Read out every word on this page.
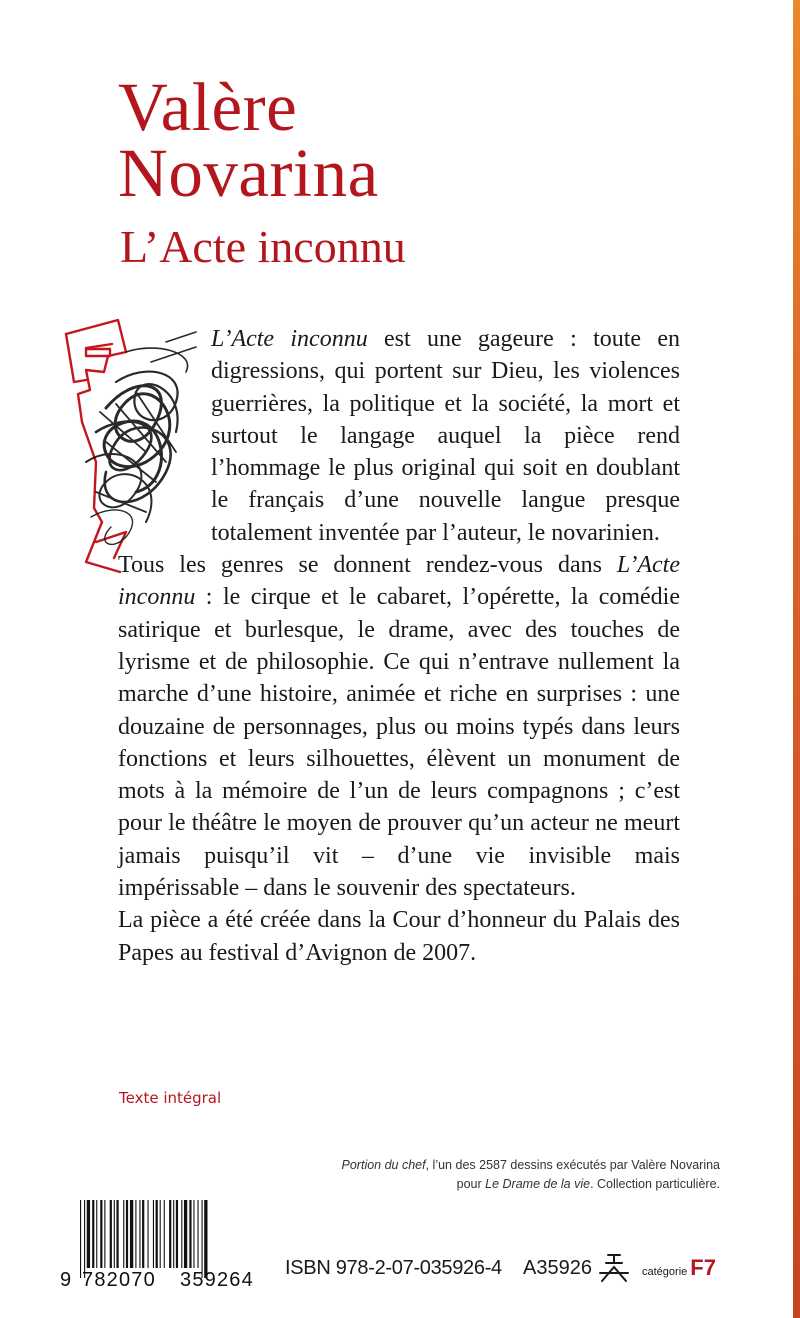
Valère
Novarina
L’Acte inconnu

L’Acte inconnu est une gageure : toute en digressions, qui portent sur Dieu, les violences guerrières, la politique et la société, la mort et surtout le langage auquel la pièce rend l’hommage le plus original qui soit en doublant le français d’une nouvelle langue presque totalement inventée par l’auteur, le novarinien.

Tous les genres se donnent rendez-vous dans L’Acte inconnu : le cirque et le cabaret, l’opérette, la comédie satirique et burlesque, le drame, avec des touches de lyrisme et de philosophie. Ce qui n’entrave nullement la marche d’une histoire, animée et riche en surprises : une douzaine de personnages, plus ou moins typés dans leurs fonctions et leurs silhouettes, élèvent un monument de mots à la mémoire de l’un de leurs compagnons ; c’est pour le théâtre le moyen de prouver qu’un acteur ne meurt jamais puisqu’il vit – d’une vie invisible mais impérissable – dans le souvenir des spectateurs.

La pièce a été créée dans la Cour d’honneur du Palais des Papes au festival d’Avignon de 2007.

Texte intégral
Portion du chef, l’un des 2587 dessins exécutés par Valère Novarina
pour Le Drame de la vie. Collection particulière.
9 782070 359264
ISBN 978-2-07-035926-4 A35926	catégorie F7
